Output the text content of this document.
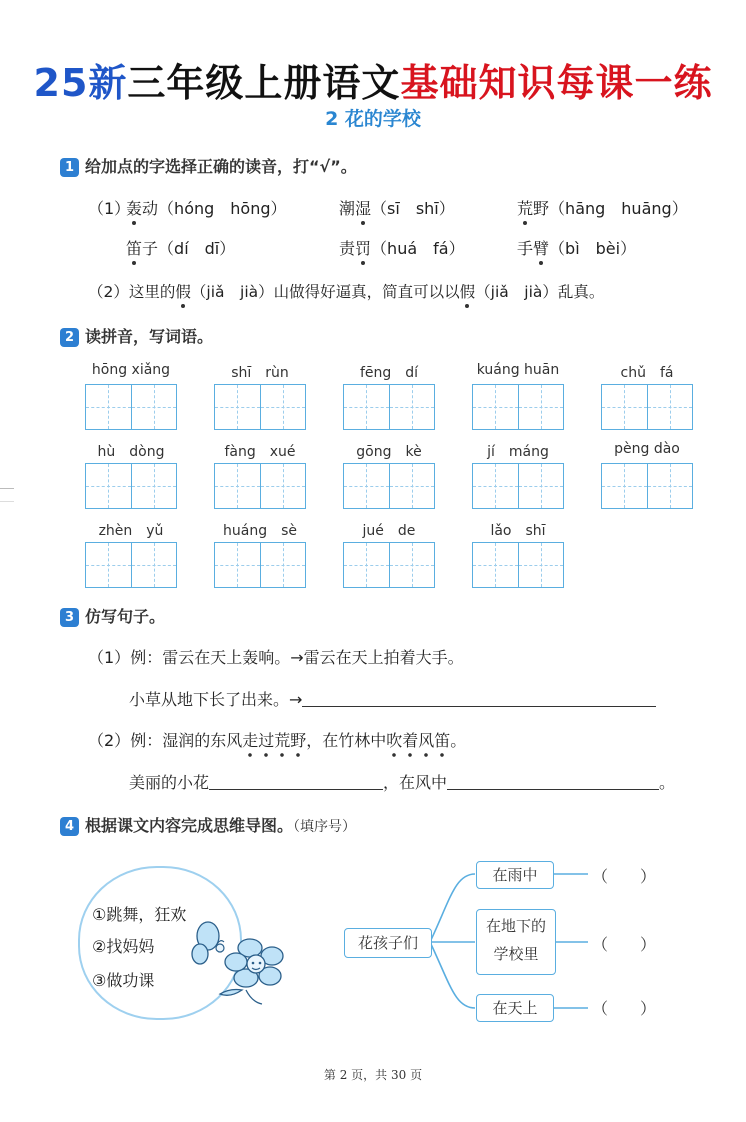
25新三年级上册语文基础知识每课一练
2 花的学校
1 给加点的字选择正确的读音，打“√”。
（1）
轰动（hóng　hōng）	潮湿（sī　shī）	荒野（hāng　huāng）
笛子（dí　dī）	责罚（huá　fá）	手臂（bì　bèi）
（2）这里的假（jiǎ　jià）山做得好逼真，简直可以以假（jiǎ　jià）乱真。
2 读拼音，写词语。
hōng xiǎng	shī　rùn	fēng　dí	kuáng huān	chǔ　fá
hù　dòng	fàng　xué	gōng　kè	jí　máng	pèng dào
zhèn　yǔ	huáng　sè	jué　de	lǎo　shī
3 仿写句子。
（1）例：雷云在天上轰响。→雷云在天上拍着大手。
小草从地下长了出来。→
（2）例：湿润的东风走过荒野，在竹林中吹着风笛。
美丽的小花	，在风中	。
4 根据课文内容完成思维导图。（填序号）
①跳舞，狂欢
②找妈妈
③做功课
花孩子们
在雨中
在地下的
学校里
在天上
（　　）
（　　）
（　　）
第 2 页，共 30 页
